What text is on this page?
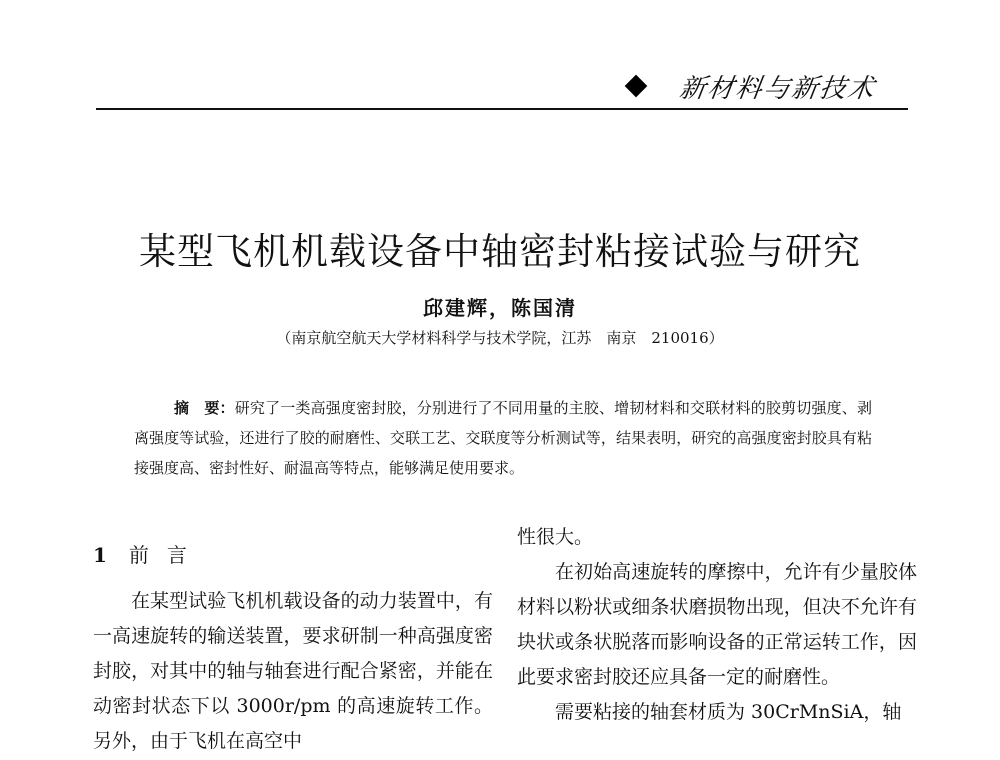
新材料与新技术
某型飞机机载设备中轴密封粘接试验与研究
邱建辉，陈国清
（南京航空航天大学材料科学与技术学院，江苏　南京　210016）
摘　要：研究了一类高强度密封胶，分别进行了不同用量的主胶、增韧材料和交联材料的胶剪切强度、剥离强度等试验，还进行了胶的耐磨性、交联工艺、交联度等分析测试等，结果表明，研究的高强度密封胶具有粘接强度高、密封性好、耐温高等特点，能够满足使用要求。
1 前言

在某型试验飞机机载设备的动力装置中，有一高速旋转的输送装置，要求研制一种高强度密封胶，对其中的轴与轴套进行配合紧密，并能在动密封状态下以 3000r/pm 的高速旋转工作。另外，由于飞机在高空中

性很大。

在初始高速旋转的摩擦中，允许有少量胶体材料以粉状或细条状磨损物出现，但决不允许有块状或条状脱落而影响设备的正常运转工作，因此要求密封胶还应具备一定的耐磨性。

需要粘接的轴套材质为 30CrMnSiA，轴
